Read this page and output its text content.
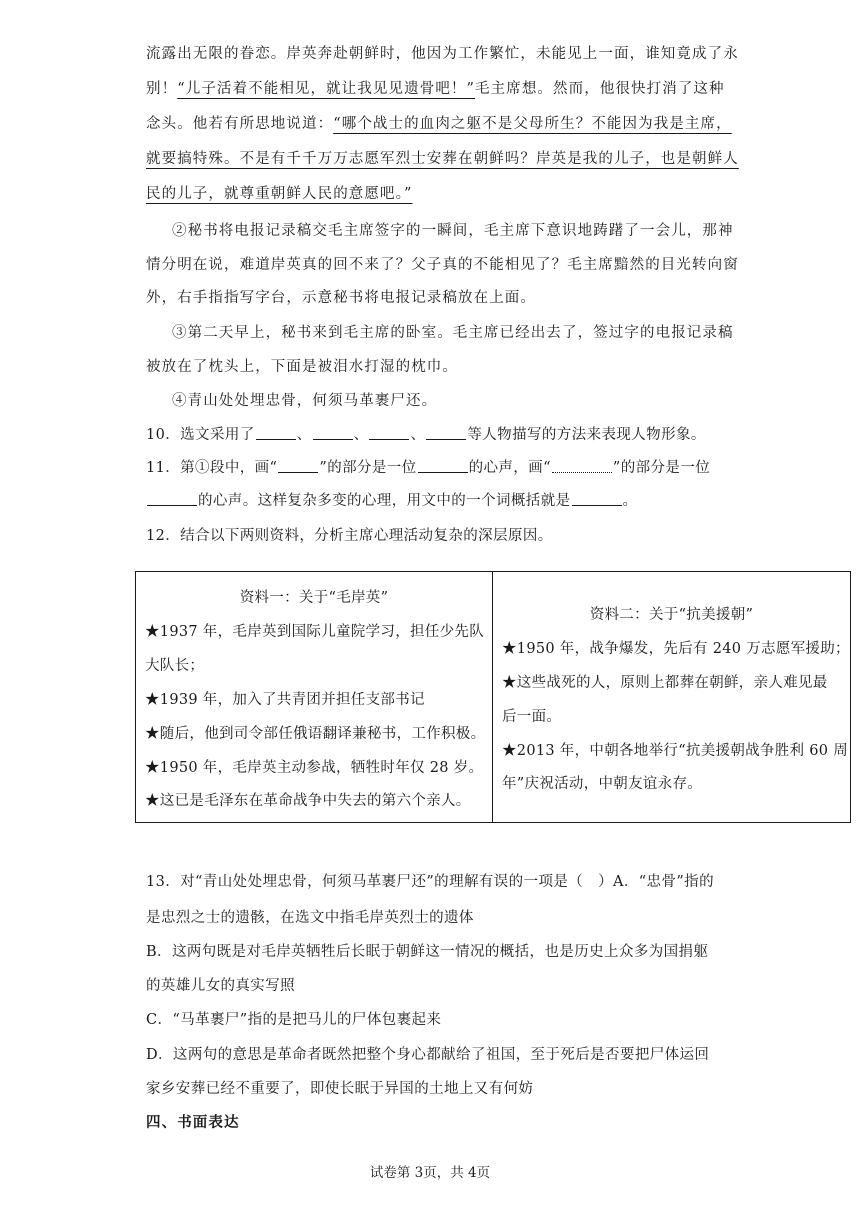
流露出无限的眷恋。岸英奔赴朝鲜时，他因为工作繁忙，未能见上一面，谁知竟成了永
别！“儿子活着不能相见，就让我见见遗骨吧！”毛主席想。然而，他很快打消了这种
念头。他若有所思地说道：“哪个战士的血肉之躯不是父母所生？不能因为我是主席，
就要搞特殊。不是有千千万万志愿军烈士安葬在朝鲜吗？岸英是我的儿子，也是朝鲜人
民的儿子，就尊重朝鲜人民的意愿吧。”
②秘书将电报记录稿交毛主席签字的一瞬间，毛主席下意识地踌躇了一会儿，那神
情分明在说，难道岸英真的回不来了？父子真的不能相见了？毛主席黯然的目光转向窗
外，右手指指写字台，示意秘书将电报记录稿放在上面。
③第二天早上，秘书来到毛主席的卧室。毛主席已经出去了，签过字的电报记录稿
被放在了枕头上，下面是被泪水打湿的枕巾。
④青山处处埋忠骨，何须马革裹尸还。
10．选文采用了	、	、	、	等人物描写的方法来表现人物形象。
11．第①段中，画“	”的部分是一位	的心声，画“	”的部分是一位
的心声。这样复杂多变的心理，用文中的一个词概括就是	。
12．结合以下两则资料，分析主席心理活动复杂的深层原因。
资料一：关于“毛岸英”
★1937 年，毛岸英到国际儿童院学习，担任少先队
大队长；
★1939 年，加入了共青团并担任支部书记
★随后，他到司令部任俄语翻译兼秘书，工作积极。
★1950 年，毛岸英主动参战，牺牲时年仅 28 岁。
★这已是毛泽东在革命战争中失去的第六个亲人。

资料二：关于“抗美援朝”
★1950 年，战争爆发，先后有 240 万志愿军援助；
★这些战死的人，原则上都葬在朝鲜，亲人难见最
后一面。
★2013 年，中朝各地举行“抗美援朝战争胜利 60 周
年”庆祝活动，中朝友谊永存。
13．对“青山处处埋忠骨，何须马革裹尸还”的理解有误的一项是（　）A．“忠骨”指的
是忠烈之士的遗骸，在选文中指毛岸英烈士的遗体
B．这两句既是对毛岸英牺牲后长眠于朝鲜这一情况的概括，也是历史上众多为国捐躯
的英雄儿女的真实写照
C．“马革裹尸”指的是把马儿的尸体包裹起来
D．这两句的意思是革命者既然把整个身心都献给了祖国，至于死后是否要把尸体运回
家乡安葬已经不重要了，即使长眠于异国的土地上又有何妨
四、书面表达
试卷第 3页，共 4页
